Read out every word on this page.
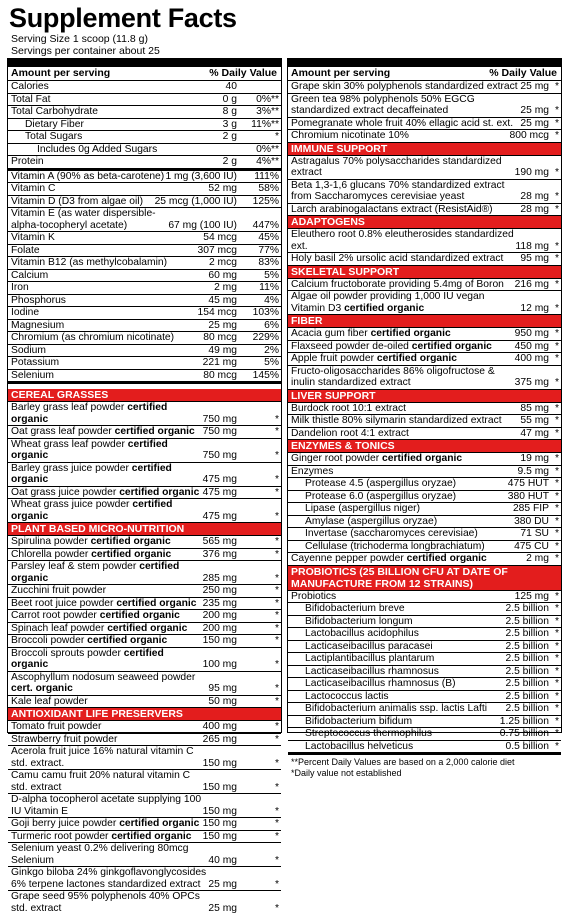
Supplement Facts
Serving Size 1 scoop (11.8 g)
Servings per container about 25
Amount per serving	% Daily Value
Calories	40
Total Fat	0 g	0%**
Total Carbohydrate	8 g	3%**
Dietary Fiber	3 g	11%**
Total Sugars	2 g	*
Includes 0g Added Sugars	0%**
Protein	2 g	4%**
Vitamin A (90% as beta-carotene) 1 mg (3,600 IU)	111%
Vitamin C	52 mg	58%
Vitamin D (D3 from algae oil)	25 mcg (1,000 IU)	125%
Vitamin E (as water dispersible-alpha-tocopheryl acetate)	67 mg (100 IU)	447%
Vitamin K	54 mcg	45%
Folate	307 mcg	77%
Vitamin B12 (as methylcobalamin)	2 mcg	83%
Calcium	60 mg	5%
Iron	2 mg	11%
Phosphorus	45 mg	4%
Iodine	154 mcg	103%
Magnesium	25 mg	6%
Chromium (as chromium nicotinate)	80 mcg	229%
Sodium	49 mg	2%
Potassium	221 mg	5%
Selenium	80 mcg	145%
CEREAL GRASSES
Barley grass leaf powder certified organic	750 mg	*
Oat grass leaf powder certified organic 750 mg	*
Wheat grass leaf powder certified organic	750 mg	*
Barley grass juice powder certified organic	475 mg	*
Oat grass juice powder certified organic 475 mg	*
Wheat grass juice powder certified organic	475 mg	*
PLANT BASED MICRO-NUTRITION
Spirulina powder certified organic	565 mg	*
Chlorella powder certified organic	376 mg	*
Parsley leaf & stem powder certified organic	285 mg	*
Zucchini fruit powder	250 mg	*
Beet root juice powder certified organic 235 mg	*
Carrot root powder certified organic	200 mg	*
Spinach leaf powder certified organic	200 mg	*
Broccoli powder certified organic	150 mg	*
Broccoli sprouts powder certified organic	100 mg	*
Ascophyllum nodosum seaweed powder cert. organic	95 mg	*
Kale leaf powder	50 mg	*
ANTIOXIDANT LIFE PRESERVERS
Tomato fruit powder	400 mg	*
Strawberry fruit powder	265 mg	*
Acerola fruit juice 16% natural vitamin C std. extract.	150 mg	*
Camu camu fruit 20% natural vitamin C std. extract	150 mg	*
D-alpha tocopherol acetate supplying 100 IU Vitamin E	150 mg	*
Goji berry juice powder certified organic 150 mg	*
Turmeric root powder certified organic	150 mg	*
Selenium yeast 0.2% delivering 80mcg Selenium	40 mg	*
Ginkgo biloba 24% ginkgoflavonglycosides 6% terpene lactones standardized extract 25 mg	*
Grape seed 95% polyphenols 40% OPCs std. extract	25 mg	*
Amount per serving	% Daily Value
Grape skin 30% polyphenols standardized extract 25 mg *
Green tea 98% polyphenols 50% EGCG standardized extract decaffeinated	25 mg *
Pomegranate whole fruit 40% ellagic acid st. ext. 25 mg *
Chromium nicotinate 10%	800 mcg *
IMMUNE SUPPORT
Astragalus 70% polysaccharides standardized extract	190 mg *
Beta 1,3-1,6 glucans 70% standardized extract from Saccharomyces cerevisiae yeast	28 mg *
Larch arabinogalactans extract (ResistAid®)	28 mg *
ADAPTOGENS
Eleuthero root 0.8% eleutherosides standardized ext.	118 mg *
Holy basil 2% ursolic acid standardized extract	95 mg *
SKELETAL SUPPORT
Calcium fructoborate providing 5.4mg of Boron	216 mg *
Algae oil powder providing 1,000 IU vegan Vitamin D3 certified organic	12 mg *
FIBER
Acacia gum fiber certified organic	950 mg *
Flaxseed powder de-oiled certified organic	450 mg *
Apple fruit powder certified organic	400 mg *
Fructo-oligosaccharides 86% oligofructose & inulin standardized extract	375 mg *
LIVER SUPPORT
Burdock root 10:1 extract	85 mg *
Milk thistle 80% silymarin standardized extract	55 mg *
Dandelion root 4:1 extract	47 mg *
ENZYMES & TONICS
Ginger root powder certified organic	19 mg *
Enzymes	9.5 mg *
Protease 4.5 (aspergillus oryzae)	475 HUT *
Protease 6.0 (aspergillus oryzae)	380 HUT *
Lipase (aspergillus niger)	285 FIP *
Amylase (aspergillus oryzae)	380 DU *
Invertase (saccharomyces cerevisiae)	71 SU *
Cellulase (trichoderma longbrachiatum)	475 CU *
Cayenne pepper powder certified organic	2 mg *
PROBIOTICS (25 BILLION CFU AT DATE OF MANUFACTURE FROM 12 STRAINS)
Probiotics	125 mg *
Bifidobacterium breve	2.5 billion *
Bifidobacterium longum	2.5 billion *
Lactobacillus acidophilus	2.5 billion *
Lacticaseibacillus paracasei	2.5 billion *
Lactiplantibacillus plantarum	2.5 billion *
Lacticaseibacillus rhamnosus	2.5 billion *
Lacticaseibacillus rhamnosus (B)	2.5 billion *
Lactococcus lactis	2.5 billion *
Bifidobacterium animalis ssp. lactis Lafti	2.5 billion *
Bifidobacterium bifidum	1.25 billion *
Streptococcus thermophilus	0.75 billion *
Lactobacillus helveticus	0.5 billion *
**Percent Daily Values are based on a 2,000 calorie diet
*Daily value not established
